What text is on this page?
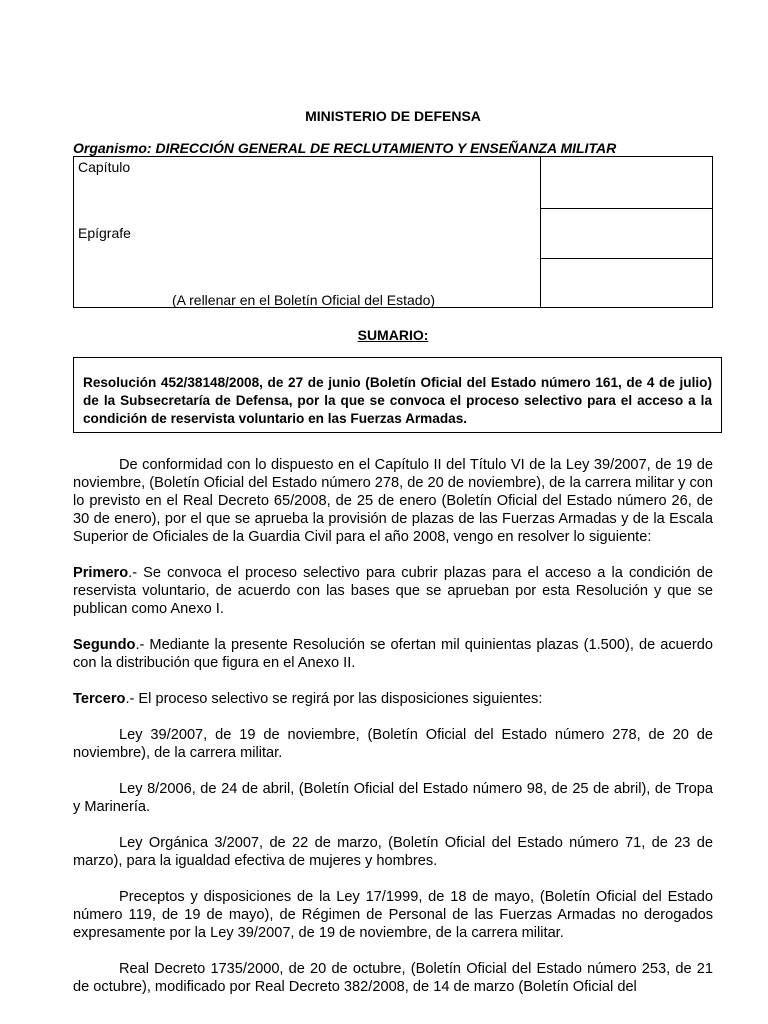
MINISTERIO DE DEFENSA
Organismo: DIRECCIÓN GENERAL DE RECLUTAMIENTO Y ENSEÑANZA MILITAR
Capítulo
Epígrafe
(A rellenar en el Boletín Oficial del Estado)
SUMARIO:
Resolución 452/38148/2008, de 27 de junio (Boletín Oficial del Estado número 161, de 4 de julio) de la Subsecretaría de Defensa, por la que se convoca el proceso selectivo para el acceso a la condición de reservista voluntario en las Fuerzas Armadas.

De conformidad con lo dispuesto en el Capítulo II del Título VI de la Ley 39/2007, de 19 de noviembre, (Boletín Oficial del Estado número 278, de 20 de noviembre), de la carrera militar y con lo previsto en el Real Decreto 65/2008, de 25 de enero (Boletín Oficial del Estado número 26, de 30 de enero), por el que se aprueba la provisión de plazas de las Fuerzas Armadas y de la Escala Superior de Oficiales de la Guardia Civil para el año 2008, vengo en resolver lo siguiente:

Primero.- Se convoca el proceso selectivo para cubrir plazas para el acceso a la condición de reservista voluntario, de acuerdo con las bases que se aprueban por esta Resolución y que se publican como Anexo I.

Segundo.- Mediante la presente Resolución se ofertan mil quinientas plazas (1.500), de acuerdo con la distribución que figura en el Anexo II.

Tercero.- El proceso selectivo se regirá por las disposiciones siguientes:

Ley 39/2007, de 19 de noviembre, (Boletín Oficial del Estado número 278, de 20 de noviembre), de la carrera militar.

Ley 8/2006, de 24 de abril, (Boletín Oficial del Estado número 98, de 25 de abril), de Tropa y Marinería.

Ley Orgánica 3/2007, de 22 de marzo, (Boletín Oficial del Estado número 71, de 23 de marzo), para la igualdad efectiva de mujeres y hombres.

Preceptos y disposiciones de la Ley 17/1999, de 18 de mayo, (Boletín Oficial del Estado número 119, de 19 de mayo), de Régimen de Personal de las Fuerzas Armadas no derogados expresamente por la Ley 39/2007, de 19 de noviembre, de la carrera militar.

Real Decreto 1735/2000, de 20 de octubre, (Boletín Oficial del Estado número 253, de 21 de octubre), modificado por Real Decreto 382/2008, de 14 de marzo (Boletín Oficial del
